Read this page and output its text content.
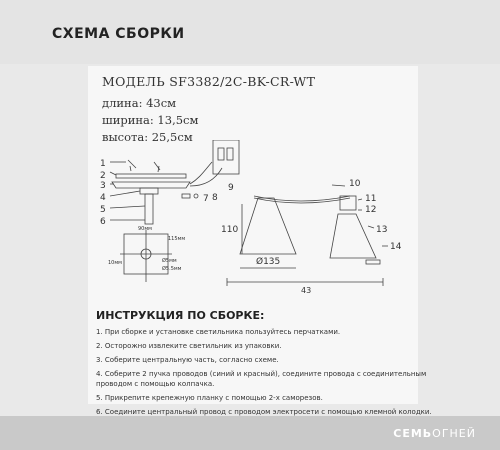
СХЕМА СБОРКИ
МОДЕЛЬ SF3382/2C-BK-CR-WT
длина: 43см
ширина: 13,5см
высота: 25,5см
1
2
3
4
5
6
7 8
9	10
11
12
13
14
110
Ø135
43
90мм
115мм
10мм	Ø5мм
Ø5.5мм
ИНСТРУКЦИЯ ПО СБОРКЕ:
1. При сборке и установке светильника пользуйтесь перчатками.
2. Осторожно извлеките светильник из упаковки.
3. Соберите центральную часть, согласно схеме.
4. Соберите 2 пучка проводов (синий и красный), соедините провода с соединительным
проводом с помощью колпачка.
5. Прикрепите крепежную планку с помощью 2-х саморезов.
6. Соедините центральный провод с проводом электросети с помощью клемной колодки.
СЕМЬОГНЕЙ
